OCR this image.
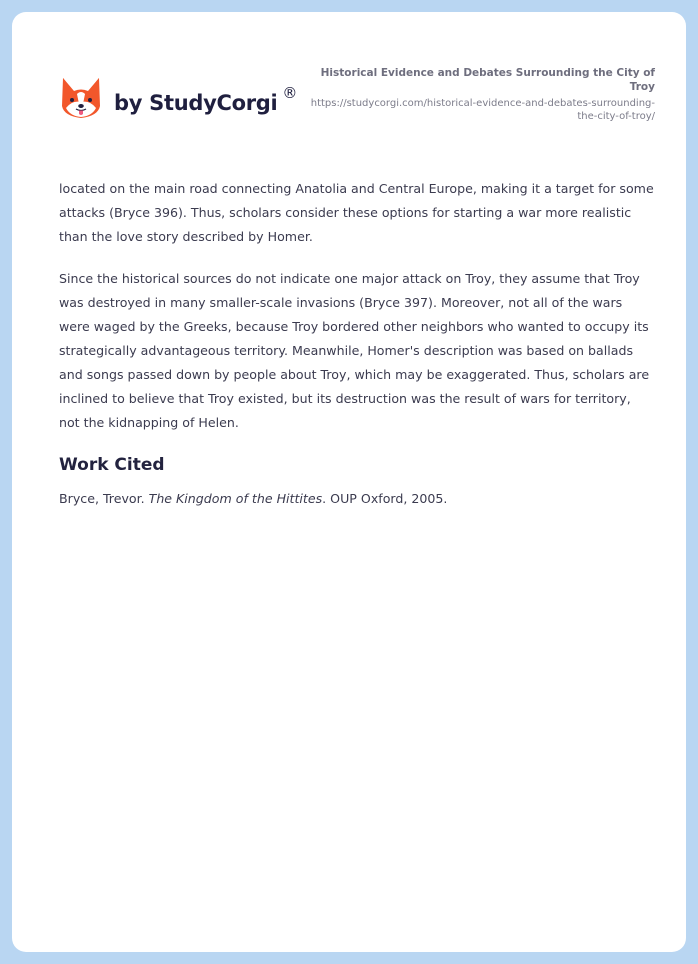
by StudyCorgi ®
Historical Evidence and Debates Surrounding the City of Troy
https://studycorgi.com/historical-evidence-and-debates-surrounding-the-city-of-troy/

located on the main road connecting Anatolia and Central Europe, making it a target for some attacks (Bryce 396). Thus, scholars consider these options for starting a war more realistic than the love story described by Homer.

Since the historical sources do not indicate one major attack on Troy, they assume that Troy was destroyed in many smaller-scale invasions (Bryce 397). Moreover, not all of the wars were waged by the Greeks, because Troy bordered other neighbors who wanted to occupy its strategically advantageous territory. Meanwhile, Homer's description was based on ballads and songs passed down by people about Troy, which may be exaggerated. Thus, scholars are inclined to believe that Troy existed, but its destruction was the result of wars for territory, not the kidnapping of Helen.

Work Cited

Bryce, Trevor. The Kingdom of the Hittites. OUP Oxford, 2005.
